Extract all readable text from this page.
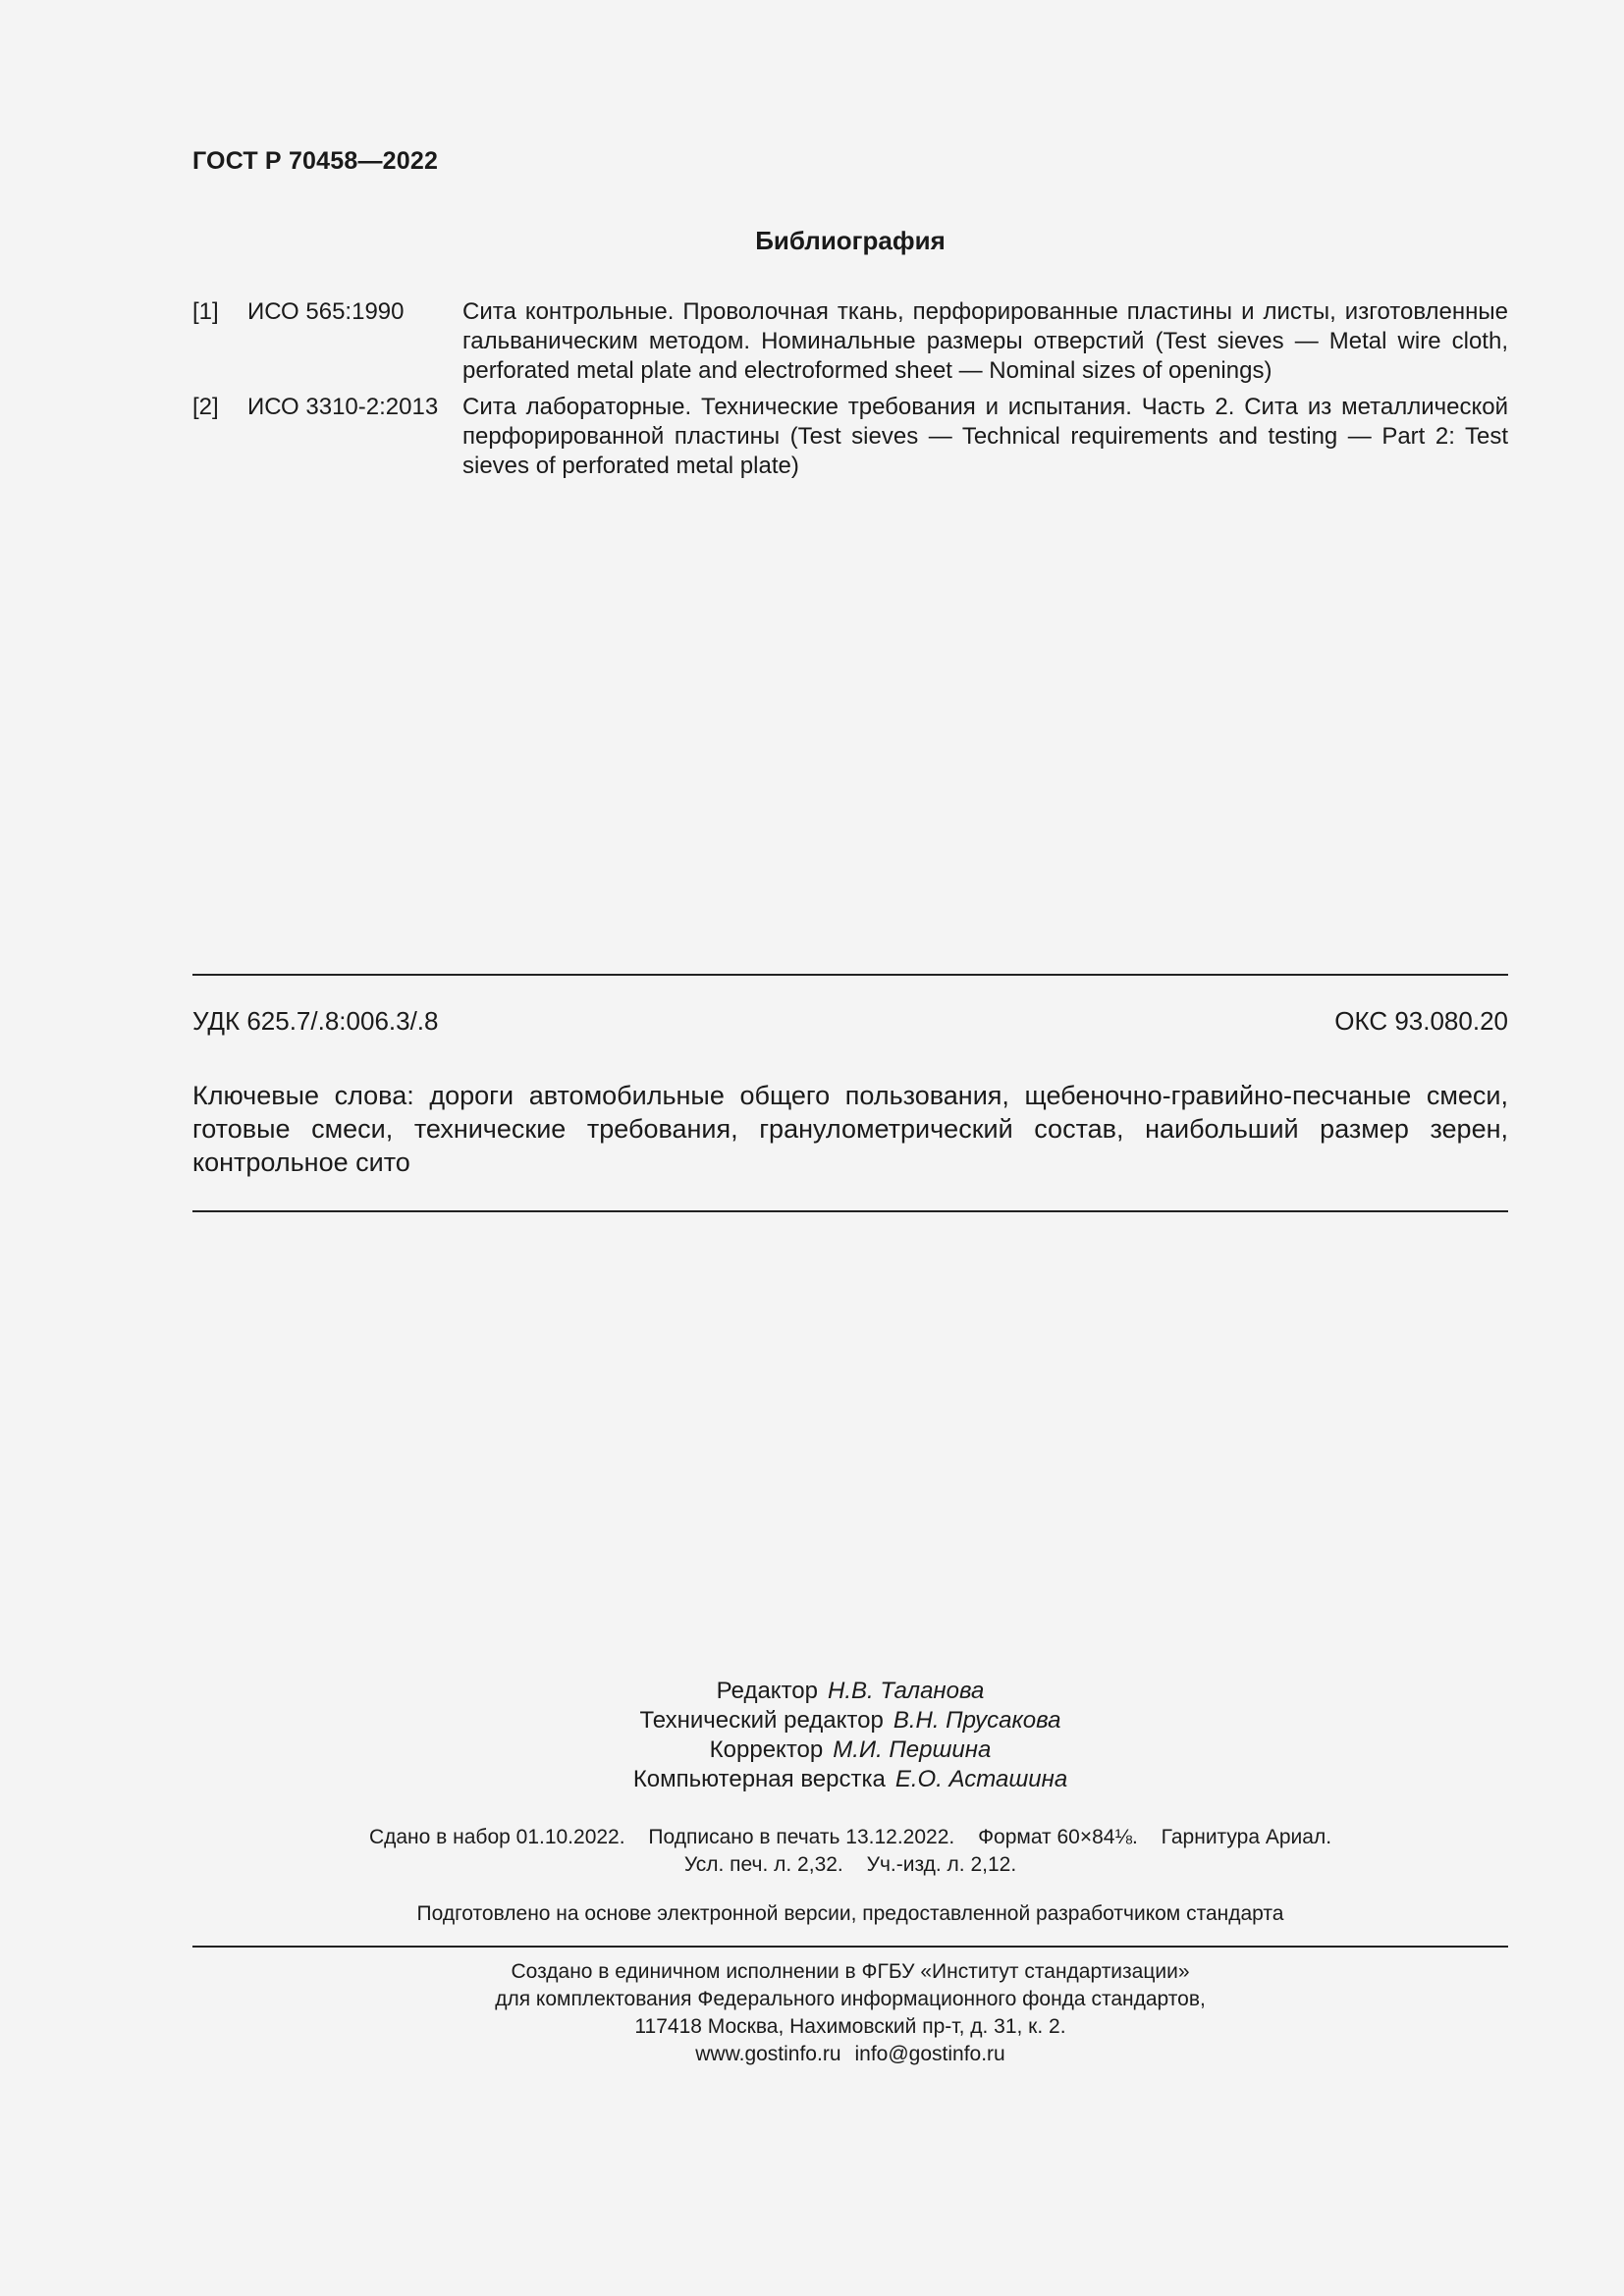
ГОСТ Р 70458—2022
Библиография
[1]	ИСО 565:1990	Сита контрольные. Проволочная ткань, перфорированные пластины и листы, изготовленные гальваническим методом. Номинальные размеры отверстий (Test sieves — Metal wire cloth, perforated metal plate and electroformed sheet — Nominal sizes of openings)
[2]	ИСО 3310-2:2013	Сита лабораторные. Технические требования и испытания. Часть 2. Сита из металлической перфорированной пластины (Test sieves — Technical requirements and testing — Part 2: Test sieves of perforated metal plate)
УДК 625.7/.8:006.3/.8	ОКС 93.080.20
Ключевые слова: дороги автомобильные общего пользования, щебеночно-гравийно-песчаные смеси, готовые смеси, технические требования, гранулометрический состав, наибольший размер зерен, контрольное сито
Редактор Н.В. Таланова
Технический редактор В.Н. Прусакова
Корректор М.И. Першина
Компьютерная верстка Е.О. Асташина
Сдано в набор 01.10.2022. Подписано в печать 13.12.2022. Формат 60×84⅛. Гарнитура Ариал.
Усл. печ. л. 2,32. Уч.-изд. л. 2,12.
Подготовлено на основе электронной версии, предоставленной разработчиком стандарта
Создано в единичном исполнении в ФГБУ «Институт стандартизации»
для комплектования Федерального информационного фонда стандартов,
117418 Москва, Нахимовский пр-т, д. 31, к. 2.
www.gostinfo.ru info@gostinfo.ru
